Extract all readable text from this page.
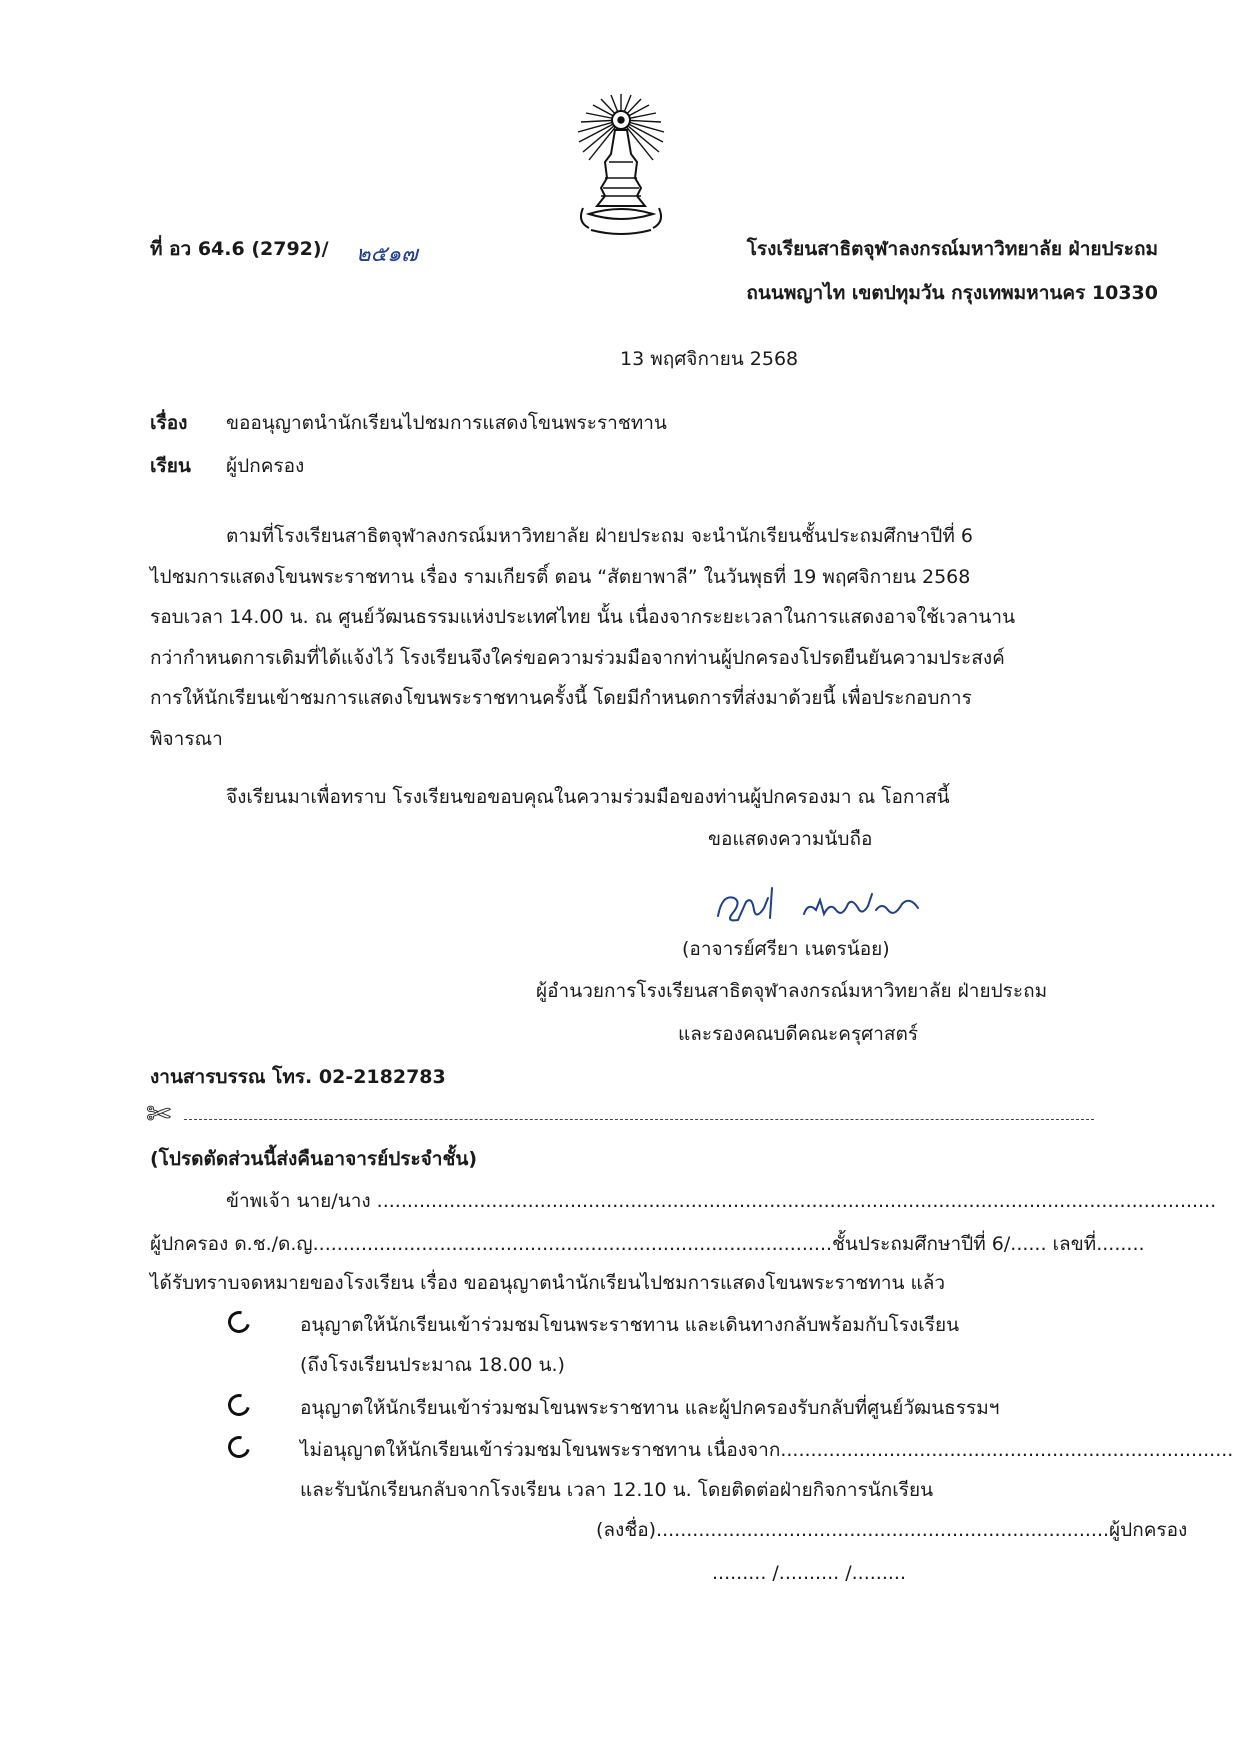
ที่ อว 64.6 (2792)/ ๒๕๑๗	โรงเรียนสาธิตจุฬาลงกรณ์มหาวิทยาลัย ฝ่ายประถม
ถนนพญาไท เขตปทุมวัน กรุงเทพมหานคร 10330
13 พฤศจิกายน 2568
เรื่อง ขออนุญาตนำนักเรียนไปชมการแสดงโขนพระราชทาน
เรียน ผู้ปกครอง
ตามที่โรงเรียนสาธิตจุฬาลงกรณ์มหาวิทยาลัย ฝ่ายประถม จะนำนักเรียนชั้นประถมศึกษาปีที่ 6
ไปชมการแสดงโขนพระราชทาน เรื่อง รามเกียรติ์ ตอน “สัตยาพาลี” ในวันพุธที่ 19 พฤศจิกายน 2568
รอบเวลา 14.00 น. ณ ศูนย์วัฒนธรรมแห่งประเทศไทย นั้น เนื่องจากระยะเวลาในการแสดงอาจใช้เวลานาน
กว่ากำหนดการเดิมที่ได้แจ้งไว้ โรงเรียนจึงใคร่ขอความร่วมมือจากท่านผู้ปกครองโปรดยืนยันความประสงค์
การให้นักเรียนเข้าชมการแสดงโขนพระราชทานครั้งนี้ โดยมีกำหนดการที่ส่งมาด้วยนี้ เพื่อประกอบการ
พิจารณา
จึงเรียนมาเพื่อทราบ โรงเรียนขอขอบคุณในความร่วมมือของท่านผู้ปกครองมา ณ โอกาสนี้
ขอแสดงความนับถือ
(อาจารย์ศรียา เนตรน้อย)
ผู้อำนวยการโรงเรียนสาธิตจุฬาลงกรณ์มหาวิทยาลัย ฝ่ายประถม
และรองคณบดีคณะครุศาสตร์
งานสารบรรณ โทร. 02-2182783
✄
(โปรดตัดส่วนนี้ส่งคืนอาจารย์ประจำชั้น)
ข้าพเจ้า นาย/นาง ...........................................................................................................................................
ผู้ปกครอง ด.ช./ด.ญ......................................................................................ชั้นประถมศึกษาปีที่ 6/...... เลขที่........
ได้รับทราบจดหมายของโรงเรียน เรื่อง ขออนุญาตนำนักเรียนไปชมการแสดงโขนพระราชทาน แล้ว
อนุญาตให้นักเรียนเข้าร่วมชมโขนพระราชทาน และเดินทางกลับพร้อมกับโรงเรียน
(ถึงโรงเรียนประมาณ 18.00 น.)
อนุญาตให้นักเรียนเข้าร่วมชมโขนพระราชทาน และผู้ปกครองรับกลับที่ศูนย์วัฒนธรรมฯ
ไม่อนุญาตให้นักเรียนเข้าร่วมชมโขนพระราชทาน เนื่องจาก...........................................................................
และรับนักเรียนกลับจากโรงเรียน เวลา 12.10 น. โดยติดต่อฝ่ายกิจการนักเรียน
(ลงชื่อ)...........................................................................ผู้ปกครอง
......... /.......... /.........
